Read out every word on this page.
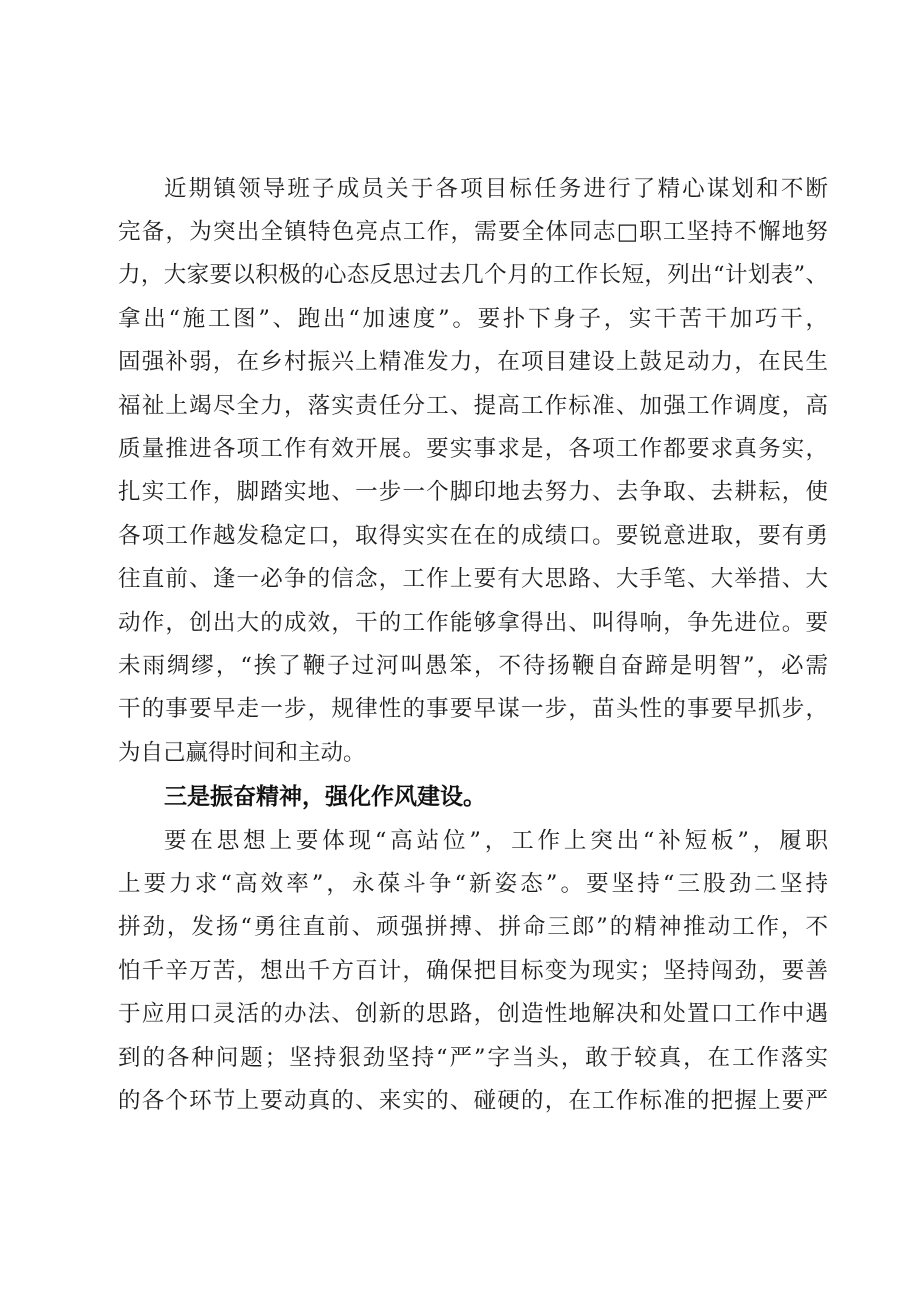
近期镇领导班子成员关于各项目标任务进行了精心谋划和不断
完备，为突出全镇特色亮点工作，需要全体同志□职工坚持不懈地努
力，大家要以积极的心态反思过去几个月的工作长短，列出“计划表”、
拿出“施工图”、跑出“加速度”。要扑下身子，实干苦干加巧干，
固强补弱，在乡村振兴上精准发力，在项目建设上鼓足动力，在民生
福祉上竭尽全力，落实责任分工、提高工作标准、加强工作调度，高
质量推进各项工作有效开展。要实事求是，各项工作都要求真务实，
扎实工作，脚踏实地、一步一个脚印地去努力、去争取、去耕耘，使
各项工作越发稳定口，取得实实在在的成绩口。要锐意进取，要有勇
往直前、逢一必争的信念，工作上要有大思路、大手笔、大举措、大
动作，创出大的成效，干的工作能够拿得出、叫得响，争先进位。要
未雨绸缪，“挨了鞭子过河叫愚笨，不待扬鞭自奋蹄是明智”，必需
干的事要早走一步，规律性的事要早谋一步，苗头性的事要早抓步，
为自己赢得时间和主动。
三是振奋精神，强化作风建设。
要在思想上要体现“高站位”，工作上突出“补短板”，履职
上要力求“高效率”，永葆斗争“新姿态”。要坚持“三股劲二坚持
拼劲，发扬“勇往直前、顽强拼搏、拼命三郎”的精神推动工作，不
怕千辛万苦，想出千方百计，确保把目标变为现实；坚持闯劲，要善
于应用口灵活的办法、创新的思路，创造性地解决和处置口工作中遇
到的各种问题；坚持狠劲坚持“严”字当头，敢于较真，在工作落实
的各个环节上要动真的、来实的、碰硬的，在工作标准的把握上要严
